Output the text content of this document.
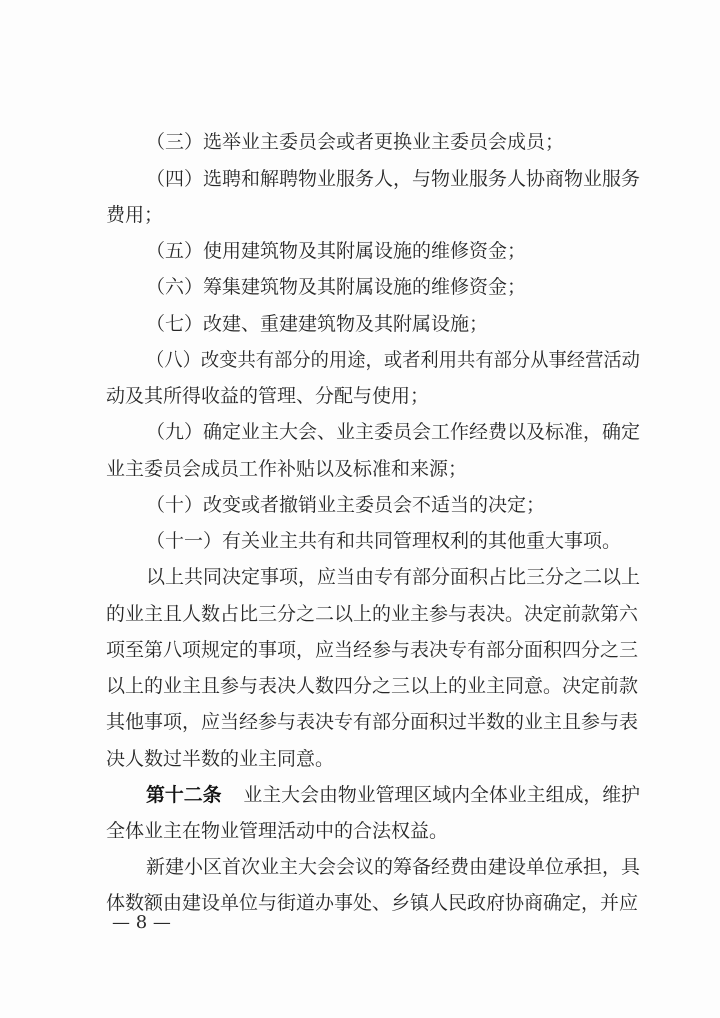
（三）选举业主委员会或者更换业主委员会成员；
（四）选聘和解聘物业服务人，与物业服务人协商物业服务
费用；
（五）使用建筑物及其附属设施的维修资金；
（六）筹集建筑物及其附属设施的维修资金；
（七）改建、重建建筑物及其附属设施；
（八）改变共有部分的用途，或者利用共有部分从事经营活动
动及其所得收益的管理、分配与使用；
（九）确定业主大会、业主委员会工作经费以及标准，确定
业主委员会成员工作补贴以及标准和来源；
（十）改变或者撤销业主委员会不适当的决定；
（十一）有关业主共有和共同管理权利的其他重大事项。
以上共同决定事项，应当由专有部分面积占比三分之二以上
的业主且人数占比三分之二以上的业主参与表决。决定前款第六
项至第八项规定的事项，应当经参与表决专有部分面积四分之三
以上的业主且参与表决人数四分之三以上的业主同意。决定前款
其他事项，应当经参与表决专有部分面积过半数的业主且参与表
决人数过半数的业主同意。
第十二条 业主大会由物业管理区域内全体业主组成，维护
全体业主在物业管理活动中的合法权益。
新建小区首次业主大会会议的筹备经费由建设单位承担，具
体数额由建设单位与街道办事处、乡镇人民政府协商确定，并应
— 8 —
